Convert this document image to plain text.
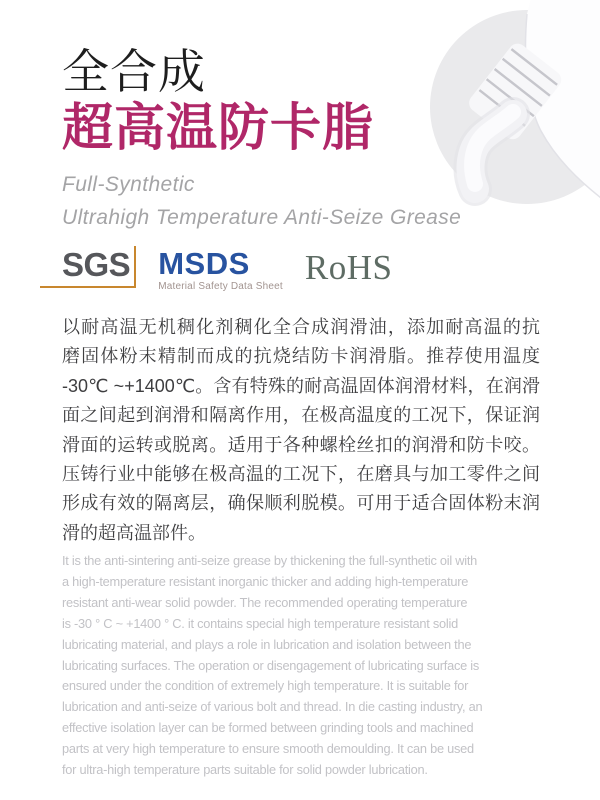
全合成
超高温防卡脂
Full-Synthetic
Ultrahigh Temperature Anti-Seize Grease
SGS MSDS
Material Safety Data Sheet RoHS
以耐高温无机稠化剂稠化全合成润滑油，添加耐高温的抗
磨固体粉末精制而成的抗烧结防卡润滑脂。推荐使用温度
-30℃ ~+1400℃。含有特殊的耐高温固体润滑材料，在润滑
面之间起到润滑和隔离作用，在极高温度的工况下，保证润
滑面的运转或脱离。适用于各种螺栓丝扣的润滑和防卡咬。
压铸行业中能够在极高温的工况下，在磨具与加工零件之间
形成有效的隔离层，确保顺利脱模。可用于适合固体粉末润
滑的超高温部件。
It is the anti-sintering anti-seize grease by thickening the full-synthetic oil with
a high-temperature resistant inorganic thicker and adding high-temperature
resistant anti-wear solid powder. The recommended operating temperature
is -30 ° C ~ +1400 ° C. it contains special high temperature resistant solid
lubricating material, and plays a role in lubrication and isolation between the
lubricating surfaces. The operation or disengagement of lubricating surface is
ensured under the condition of extremely high temperature. It is suitable for
lubrication and anti-seize of various bolt and thread. In die casting industry, an
effective isolation layer can be formed between grinding tools and machined
parts at very high temperature to ensure smooth demoulding. It can be used
for ultra-high temperature parts suitable for solid powder lubrication.
